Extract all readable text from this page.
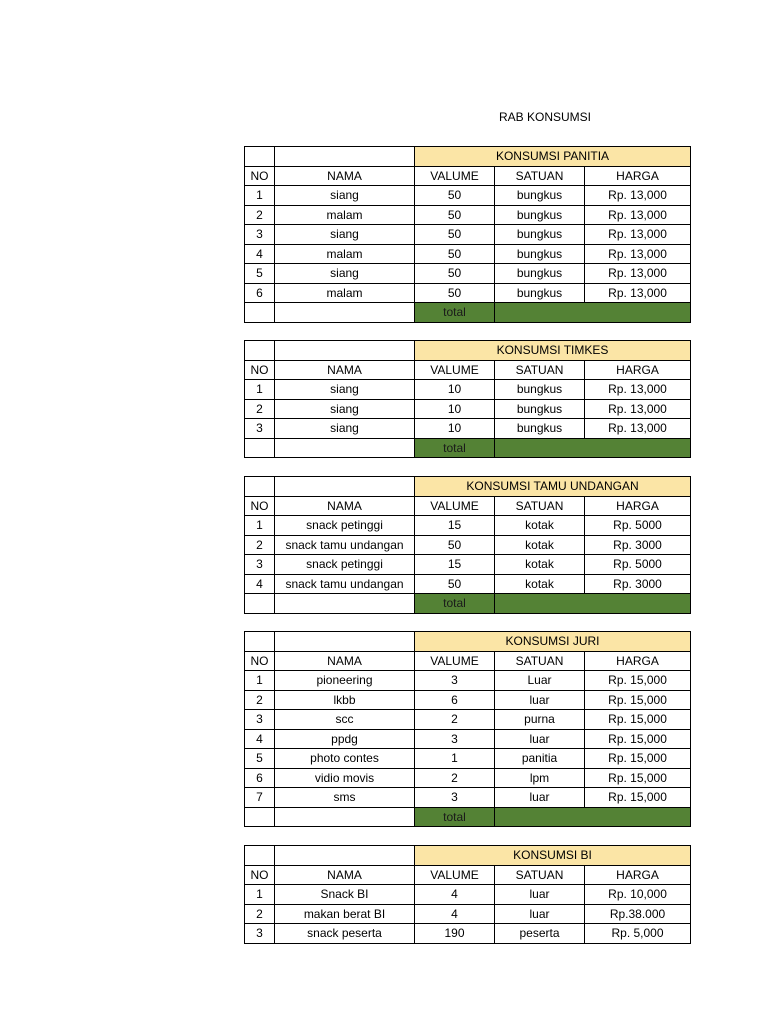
RAB KONSUMSI
		KONSUMSI PANITIA		
NO	NAMA	VALUME	SATUAN	HARGA
1	siang	50	bungkus	Rp. 13,000
2	malam	50	bungkus	Rp. 13,000
3	siang	50	bungkus	Rp. 13,000
4	malam	50	bungkus	Rp. 13,000
5	siang	50	bungkus	Rp. 13,000
6	malam	50	bungkus	Rp. 13,000
		total		
		KONSUMSI TIMKES		
NO	NAMA	VALUME	SATUAN	HARGA
1	siang	10	bungkus	Rp. 13,000
2	siang	10	bungkus	Rp. 13,000
3	siang	10	bungkus	Rp. 13,000
		total		
		KONSUMSI TAMU UNDANGAN		
NO	NAMA	VALUME	SATUAN	HARGA
1	snack petinggi	15	kotak	Rp. 5000
2	snack tamu undangan	50	kotak	Rp. 3000
3	snack petinggi	15	kotak	Rp. 5000
4	snack tamu undangan	50	kotak	Rp. 3000
		total		
		KONSUMSI JURI		
NO	NAMA	VALUME	SATUAN	HARGA
1	pioneering	3	Luar	Rp. 15,000
2	lkbb	6	luar	Rp. 15,000
3	scc	2	purna	Rp. 15,000
4	ppdg	3	luar	Rp. 15,000
5	photo contes	1	panitia	Rp. 15,000
6	vidio movis	2	lpm	Rp. 15,000
7	sms	3	luar	Rp. 15,000
		total		
		KONSUMSI BI		
NO	NAMA	VALUME	SATUAN	HARGA
1	Snack BI	4	luar	Rp. 10,000
2	makan berat BI	4	luar	Rp.38.000
3	snack peserta	190	peserta	Rp. 5,000
